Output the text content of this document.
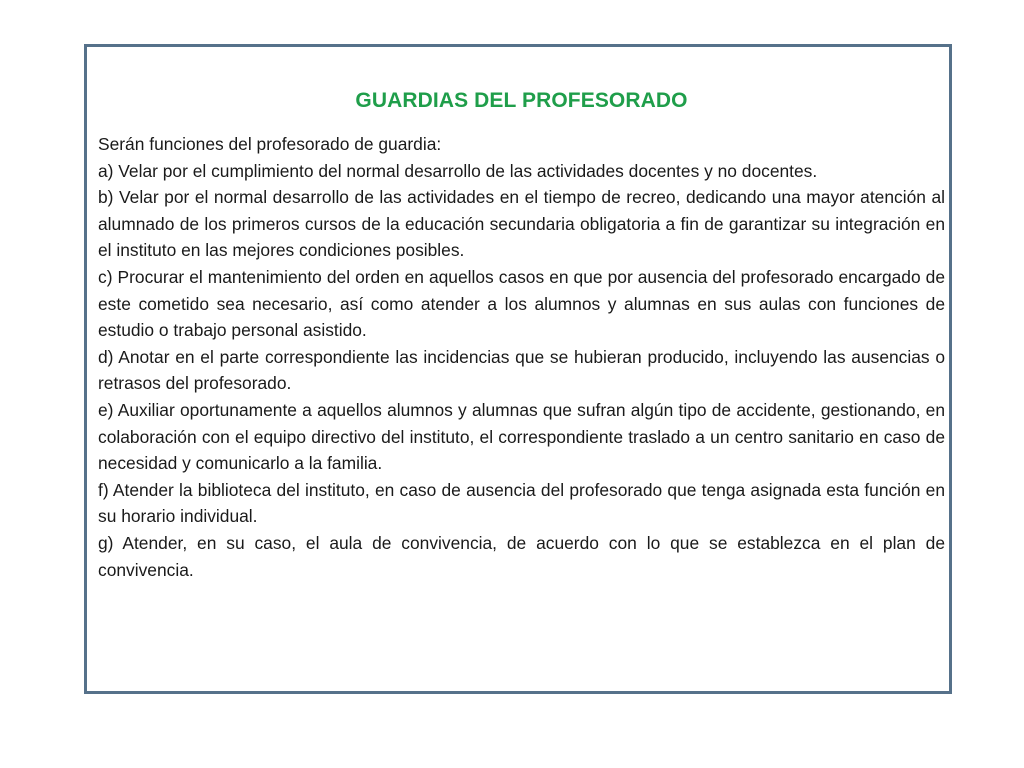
GUARDIAS DEL PROFESORADO

Serán funciones del profesorado de guardia:

a) Velar por el cumplimiento del normal desarrollo de las actividades docentes y no docentes.

b) Velar por el normal desarrollo de las actividades en el tiempo de recreo, dedicando una mayor atención al alumnado de los primeros cursos de la educación secundaria obligatoria a fin de garantizar su integración en el instituto en las mejores condiciones posibles.

c) Procurar el mantenimiento del orden en aquellos casos en que por ausencia del profesorado encargado de este cometido sea necesario, así como atender a los alumnos y alumnas en sus aulas con funciones de estudio o trabajo personal asistido.

d) Anotar en el parte correspondiente las incidencias que se hubieran producido, incluyendo las ausencias o retrasos del profesorado.

e) Auxiliar oportunamente a aquellos alumnos y alumnas que sufran algún tipo de accidente, gestionando, en colaboración con el equipo directivo del instituto, el correspondiente traslado a un centro sanitario en caso de necesidad y comunicarlo a la familia.

f) Atender la biblioteca del instituto, en caso de ausencia del profesorado que tenga asignada esta función en su horario individual.

g) Atender, en su caso, el aula de convivencia, de acuerdo con lo que se establezca en el plan de convivencia.
